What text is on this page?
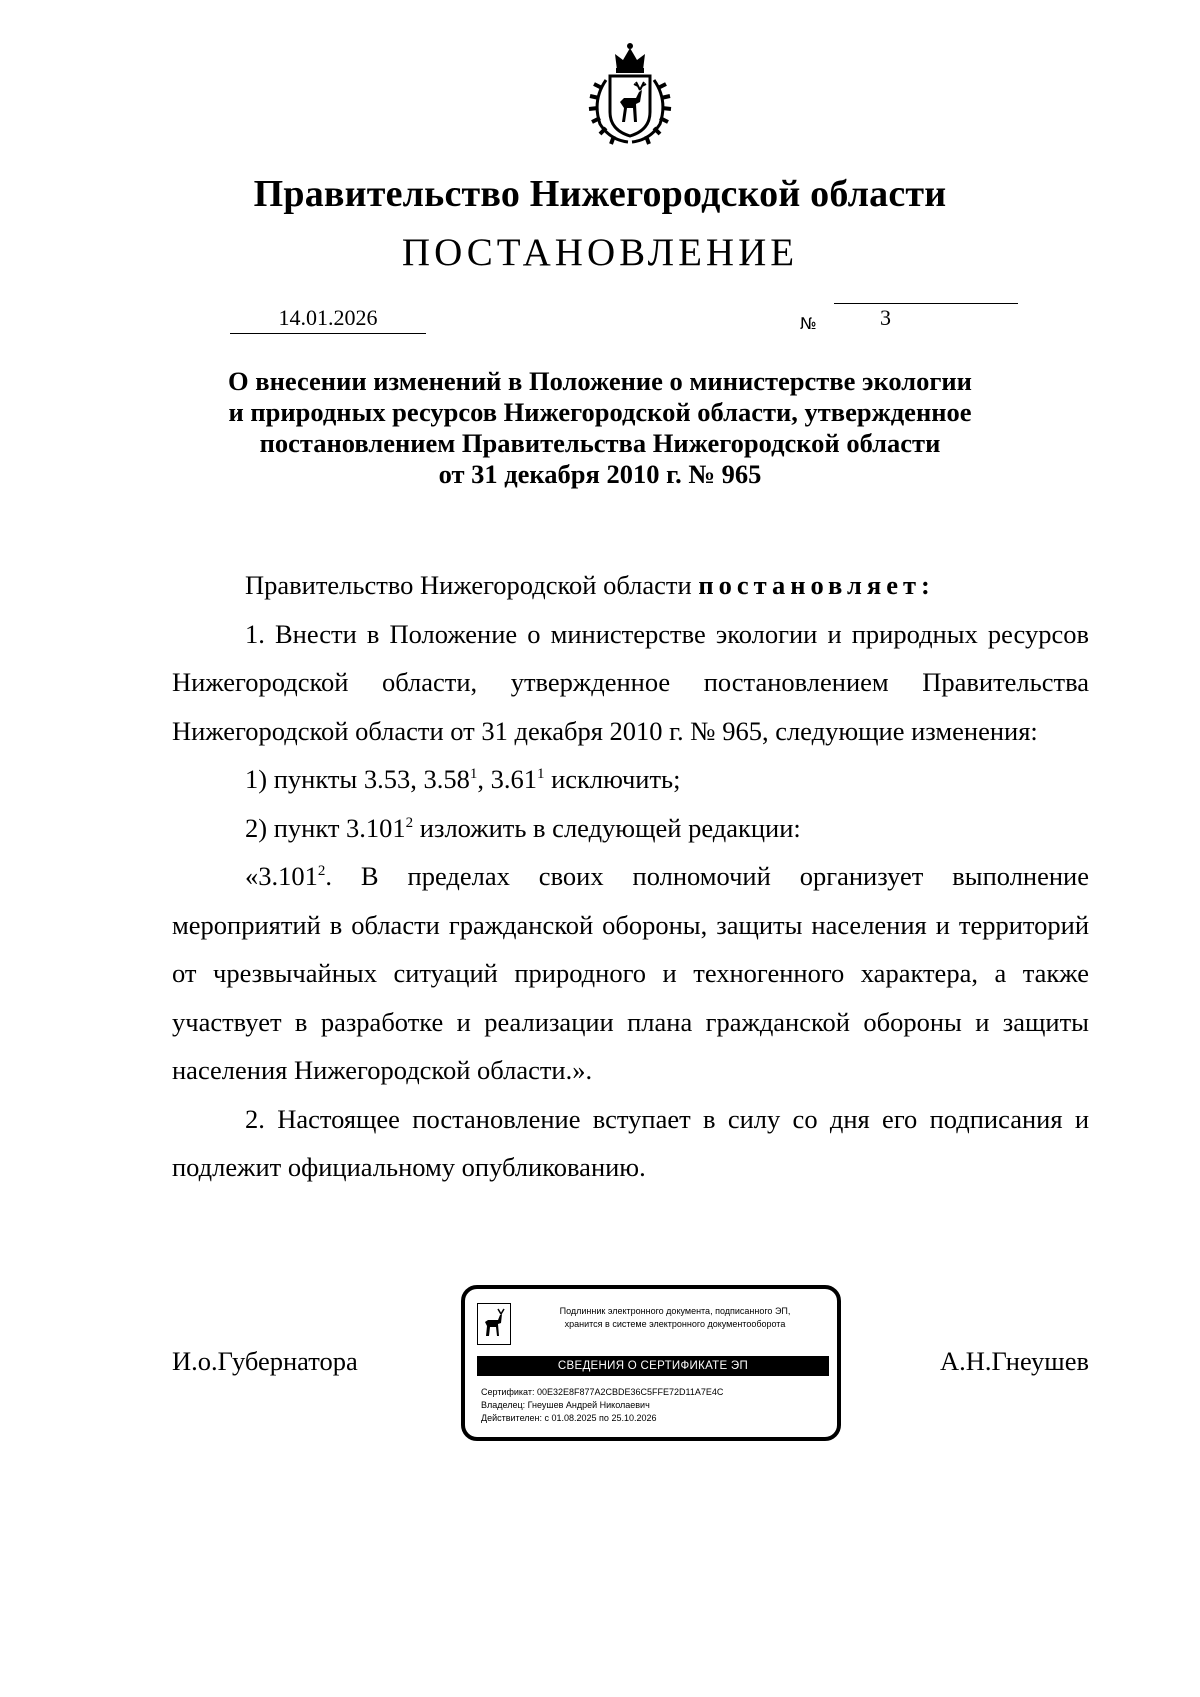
Правительство Нижегородской области
ПОСТАНОВЛЕНИЕ
14.01.2026	№	3
О внесении изменений в Положение о министерстве экологии
и природных ресурсов Нижегородской области, утвержденное
постановлением Правительства Нижегородской области
от 31 декабря 2010 г. № 965

Правительство Нижегородской области постановляет:

1. Внести в Положение о министерстве экологии и природных ресурсов Нижегородской области, утвержденное постановлением Правительства Нижегородской области от 31 декабря 2010 г. № 965, следующие изменения:

1) пункты 3.53, 3.58$^1$, 3.61$^1$ исключить;

2) пункт 3.101$^2$ изложить в следующей редакции:

«3.101$^2$. В пределах своих полномочий организует выполнение мероприятий в области гражданской обороны, защиты населения и территорий от чрезвычайных ситуаций природного и техногенного характера, а также участвует в разработке и реализации плана гражданской обороны и защиты населения Нижегородской области.».

2. Настоящее постановление вступает в силу со дня его подписания и подлежит официальному опубликованию.

И.о.Губернатора	А.Н.Гнеушев
Подлинник электронного документа, подписанного ЭП,
хранится в системе электронного документооборота
СВЕДЕНИЯ О СЕРТИФИКАТЕ ЭП
Сертификат: 00E32E8F877A2CBDE36C5FFE72D11A7E4C
Владелец: Гнеушев Андрей Николаевич
Действителен: с 01.08.2025 по 25.10.2026
